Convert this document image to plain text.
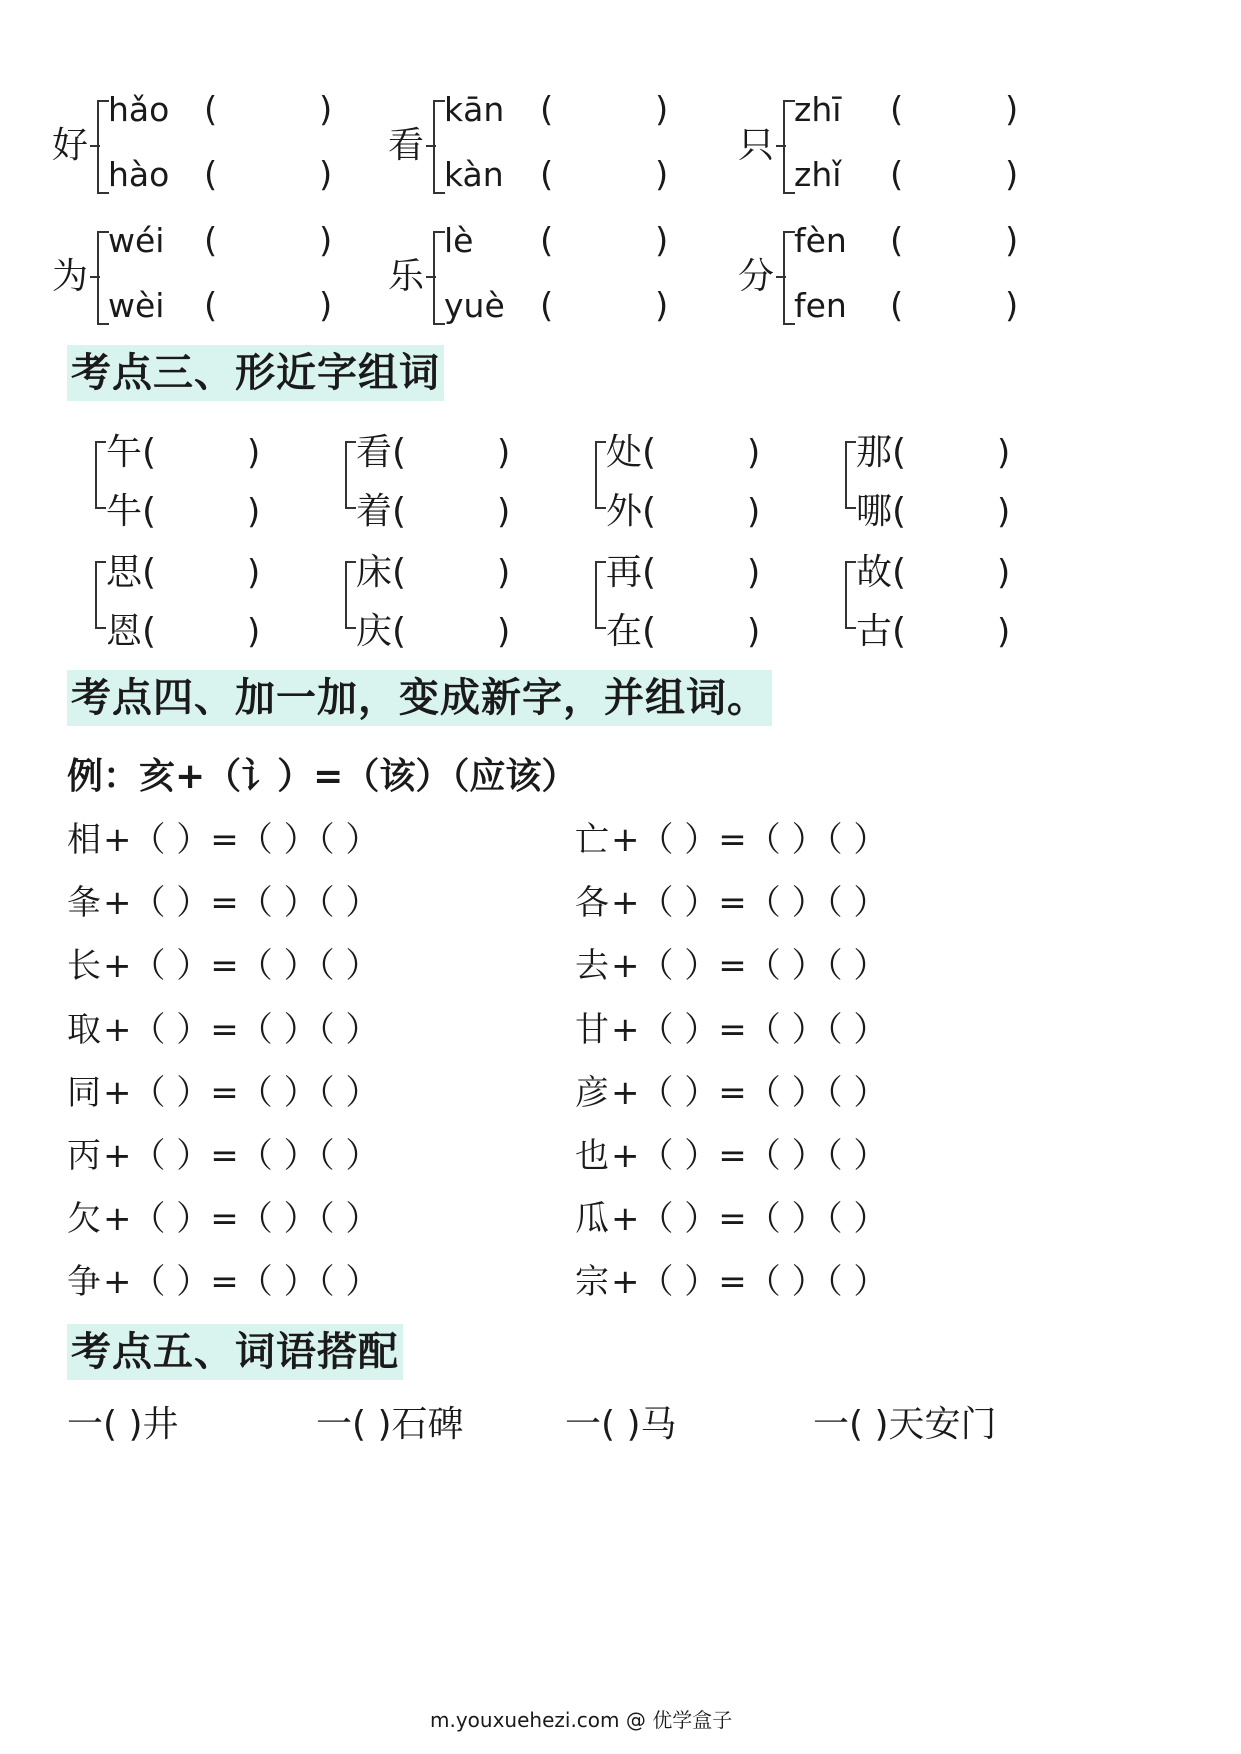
好
hǎo (	)
hào (	)
看
kān (	)
kàn (	)
只
zhī (	)
zhǐ (	)
为
wéi (	)
wèi (	)
乐
lè (	)
yuè (	)
分
fèn (	)
fen (	)
考点三、形近字组词
午(	)
牛(	)
看(	)
着(	)
处(	)
外(	)
那(	)
哪(	)
思(	)
恩(	)
床(	)
庆(	)
再(	)
在(	)
故(	)
古(	)
考点四、加一加，变成新字，并组词。
例：亥+（讠）=（该）（应该）
相 +（ ）=（ ）（ ）
夆 +（ ）=（ ）（ ）
长 +（ ）=（ ）（ ）
取 +（ ）=（ ）（ ）
同 +（ ）=（ ）（ ）
丙 +（ ）=（ ）（ ）
欠 +（ ）=（ ）（ ）
争 +（ ）=（ ）（ ）
亡 +（ ）=（ ）（ ）
各 +（ ）=（ ）（ ）
去 +（ ）=（ ）（ ）
甘 +（ ）=（ ）（ ）
彦 +（ ）=（ ）（ ）
也 +（ ）=（ ）（ ）
瓜 +（ ）=（ ）（ ）
宗 +（ ）=（ ）（ ）
考点五、词语搭配
一( )井	一( )石碑	一( )马	一( )天安门
m.youxuehezi.com @ 优学盒子
